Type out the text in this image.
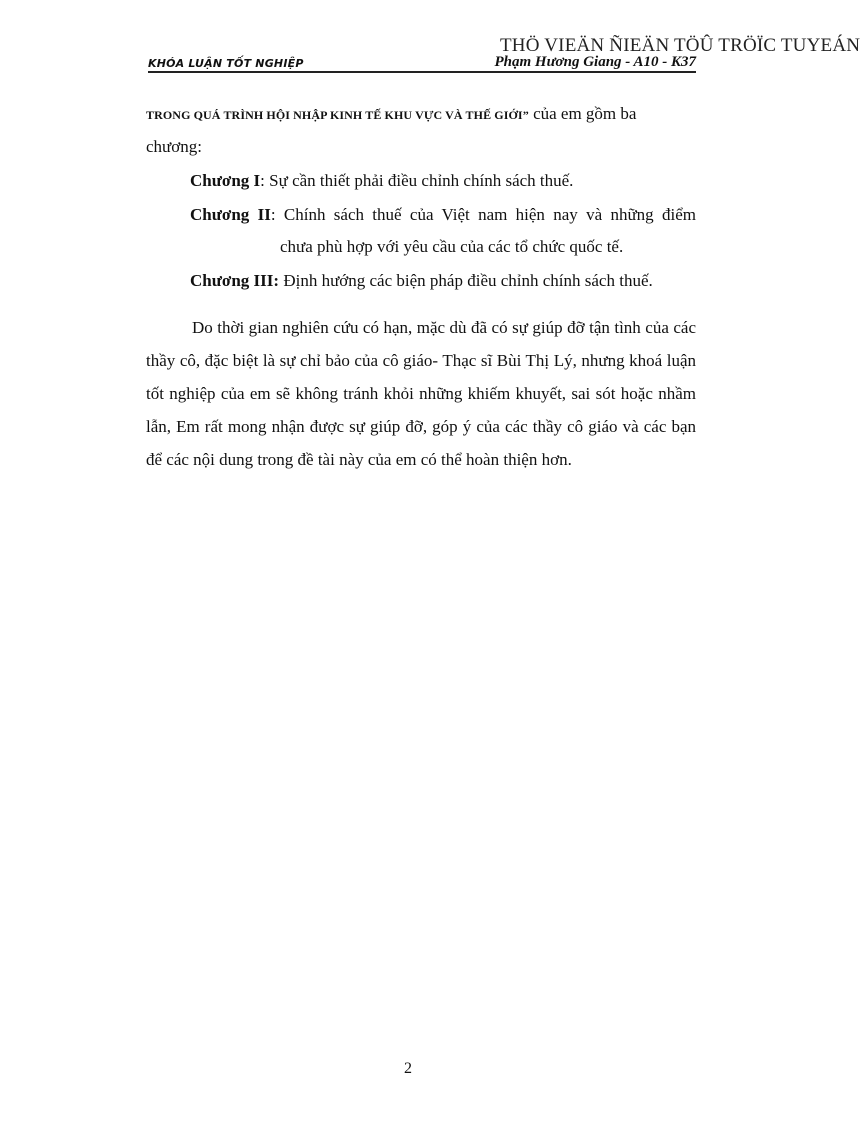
THÖ VIEÄN ÑIEÄN TÖÛ TRÖÏC TUYEÁN
KHÓA LUẬN TỐT NGHIỆP	Phạm Hương Giang - A10 - K37
TRONG QUÁ TRÌNH HỘI NHẬP KINH TẾ KHU VỰC VÀ THẾ GIỚI” của em gồm ba
chương:
Chương I: Sự cần thiết phải điều chỉnh chính sách thuế.
Chương II: Chính sách thuế của Việt nam hiện nay và những điểm
chưa phù hợp với yêu cầu của các tổ chức quốc tế.
Chương III: Định hướng các biện pháp điều chỉnh chính sách thuế.

Do thời gian nghiên cứu có hạn, mặc dù đã có sự giúp đỡ tận tình của các thầy cô, đặc biệt là sự chỉ bảo của cô giáo- Thạc sĩ Bùi Thị Lý, nhưng khoá luận tốt nghiệp của em sẽ không tránh khỏi những khiếm khuyết, sai sót hoặc nhầm lẫn, Em rất mong nhận được sự giúp đỡ, góp ý của các thầy cô giáo và các bạn để các nội dung trong đề tài này của em có thể hoàn thiện hơn.

2
